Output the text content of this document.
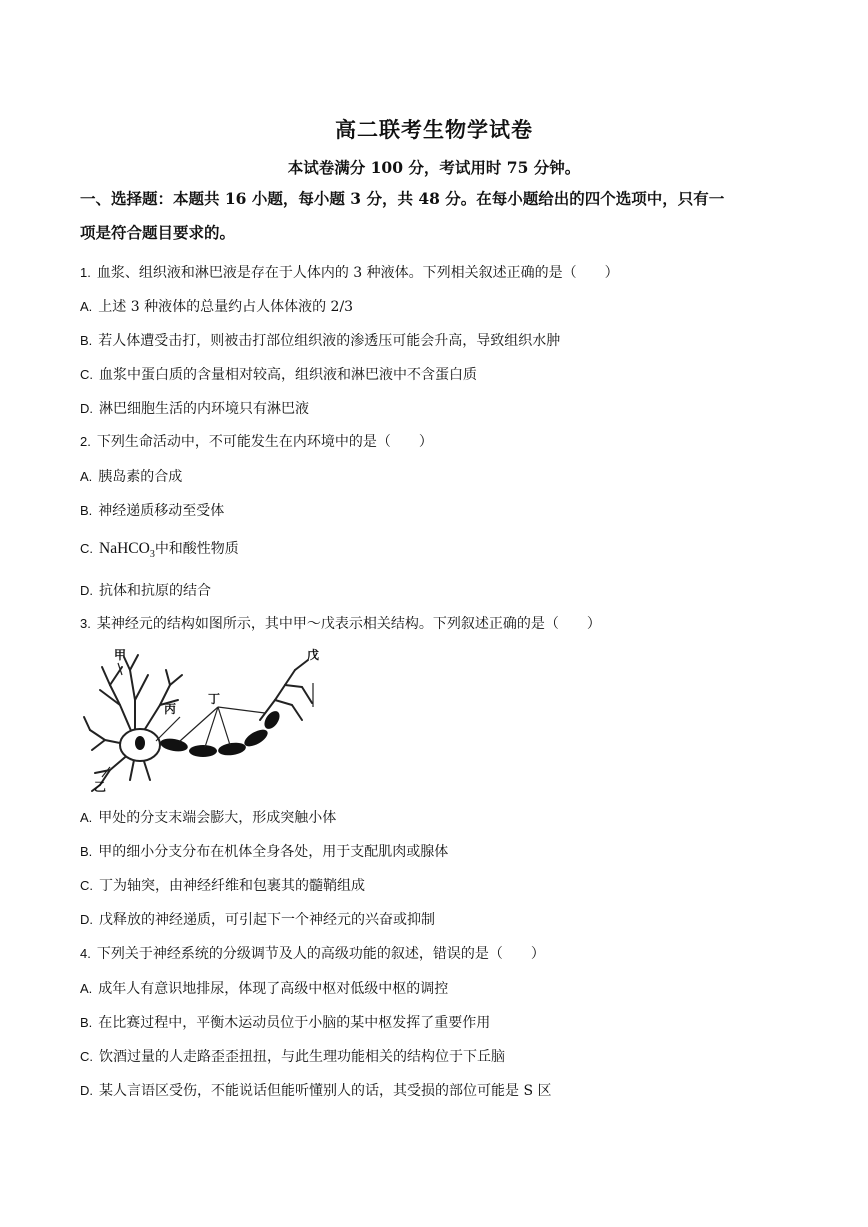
高二联考生物学试卷
本试卷满分 100 分，考试用时 75 分钟。
一、选择题：本题共 16 小题，每小题 3 分，共 48 分。在每小题给出的四个选项中，只有一
项是符合题目要求的。
1. 血浆、组织液和淋巴液是存在于人体内的 3 种液体。下列相关叙述正确的是（　　）
A. 上述 3 种液体的总量约占人体体液的 2/3
B. 若人体遭受击打，则被击打部位组织液的渗透压可能会升高，导致组织水肿
C. 血浆中蛋白质的含量相对较高，组织液和淋巴液中不含蛋白质
D. 淋巴细胞生活的内环境只有淋巴液
2. 下列生命活动中，不可能发生在内环境中的是（　　）
A. 胰岛素的合成
B. 神经递质移动至受体
C. NaHCO$_3$中和酸性物质
D. 抗体和抗原的结合
3. 某神经元的结构如图所示，其中甲～戊表示相关结构。下列叙述正确的是（　　）
甲
乙
丙
丁
戊
A. 甲处的分支末端会膨大，形成突触小体
B. 甲的细小分支分布在机体全身各处，用于支配肌肉或腺体
C. 丁为轴突，由神经纤维和包裹其的髓鞘组成
D. 戊释放的神经递质，可引起下一个神经元的兴奋或抑制
4. 下列关于神经系统的分级调节及人的高级功能的叙述，错误的是（　　）
A. 成年人有意识地排尿，体现了高级中枢对低级中枢的调控
B. 在比赛过程中，平衡木运动员位于小脑的某中枢发挥了重要作用
C. 饮酒过量的人走路歪歪扭扭，与此生理功能相关的结构位于下丘脑
D. 某人言语区受伤，不能说话但能听懂别人的话，其受损的部位可能是 S 区
